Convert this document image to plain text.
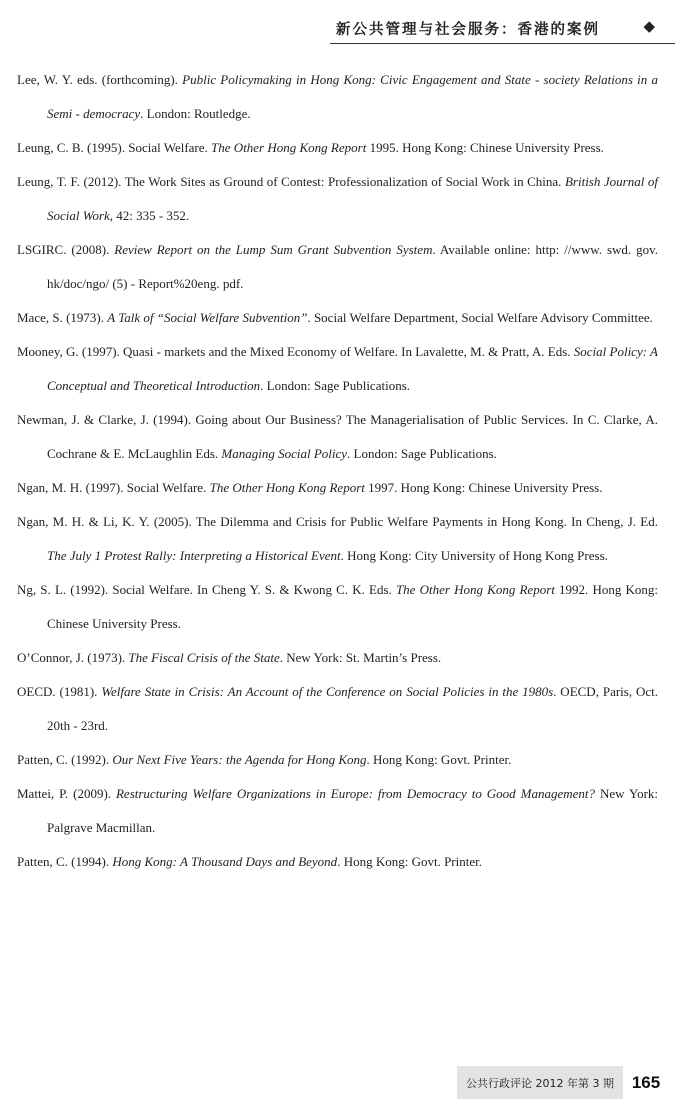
新公共管理与社会服务：香港的案例	◆

Lee, W. Y. eds. (forthcoming). Public Policymaking in Hong Kong: Civic Engagement and State - society Relations in a Semi - democracy. London: Routledge.

Leung, C. B. (1995). Social Welfare. The Other Hong Kong Report 1995. Hong Kong: Chinese University Press.

Leung, T. F. (2012). The Work Sites as Ground of Contest: Professionalization of Social Work in China. British Journal of Social Work, 42: 335 - 352.

LSGIRC. (2008). Review Report on the Lump Sum Grant Subvention System. Available online: http: //www. swd. gov. hk/doc/ngo/ (5) - Report%20eng. pdf.

Mace, S. (1973). A Talk of “Social Welfare Subvention”. Social Welfare Department, Social Welfare Advisory Committee.

Mooney, G. (1997). Quasi - markets and the Mixed Economy of Welfare. In Lavalette, M. & Pratt, A. Eds. Social Policy: A Conceptual and Theoretical Introduction. London: Sage Publications.

Newman, J. & Clarke, J. (1994). Going about Our Business? The Managerialisation of Public Services. In C. Clarke, A. Cochrane & E. McLaughlin Eds. Managing Social Policy. London: Sage Publications.

Ngan, M. H. (1997). Social Welfare. The Other Hong Kong Report 1997. Hong Kong: Chinese University Press.

Ngan, M. H. & Li, K. Y. (2005). The Dilemma and Crisis for Public Welfare Payments in Hong Kong. In Cheng, J. Ed. The July 1 Protest Rally: Interpreting a Historical Event. Hong Kong: City University of Hong Kong Press.

Ng, S. L. (1992). Social Welfare. In Cheng Y. S. & Kwong C. K. Eds. The Other Hong Kong Report 1992. Hong Kong: Chinese University Press.

O’Connor, J. (1973). The Fiscal Crisis of the State. New York: St. Martin’s Press.

OECD. (1981). Welfare State in Crisis: An Account of the Conference on Social Policies in the 1980s. OECD, Paris, Oct. 20th - 23rd.

Patten, C. (1992). Our Next Five Years: the Agenda for Hong Kong. Hong Kong: Govt. Printer.

Mattei, P. (2009). Restructuring Welfare Organizations in Europe: from Democracy to Good Management? New York: Palgrave Macmillan.

Patten, C. (1994). Hong Kong: A Thousand Days and Beyond. Hong Kong: Govt. Printer.

公共行政评论 2012 年第 3 期	165
